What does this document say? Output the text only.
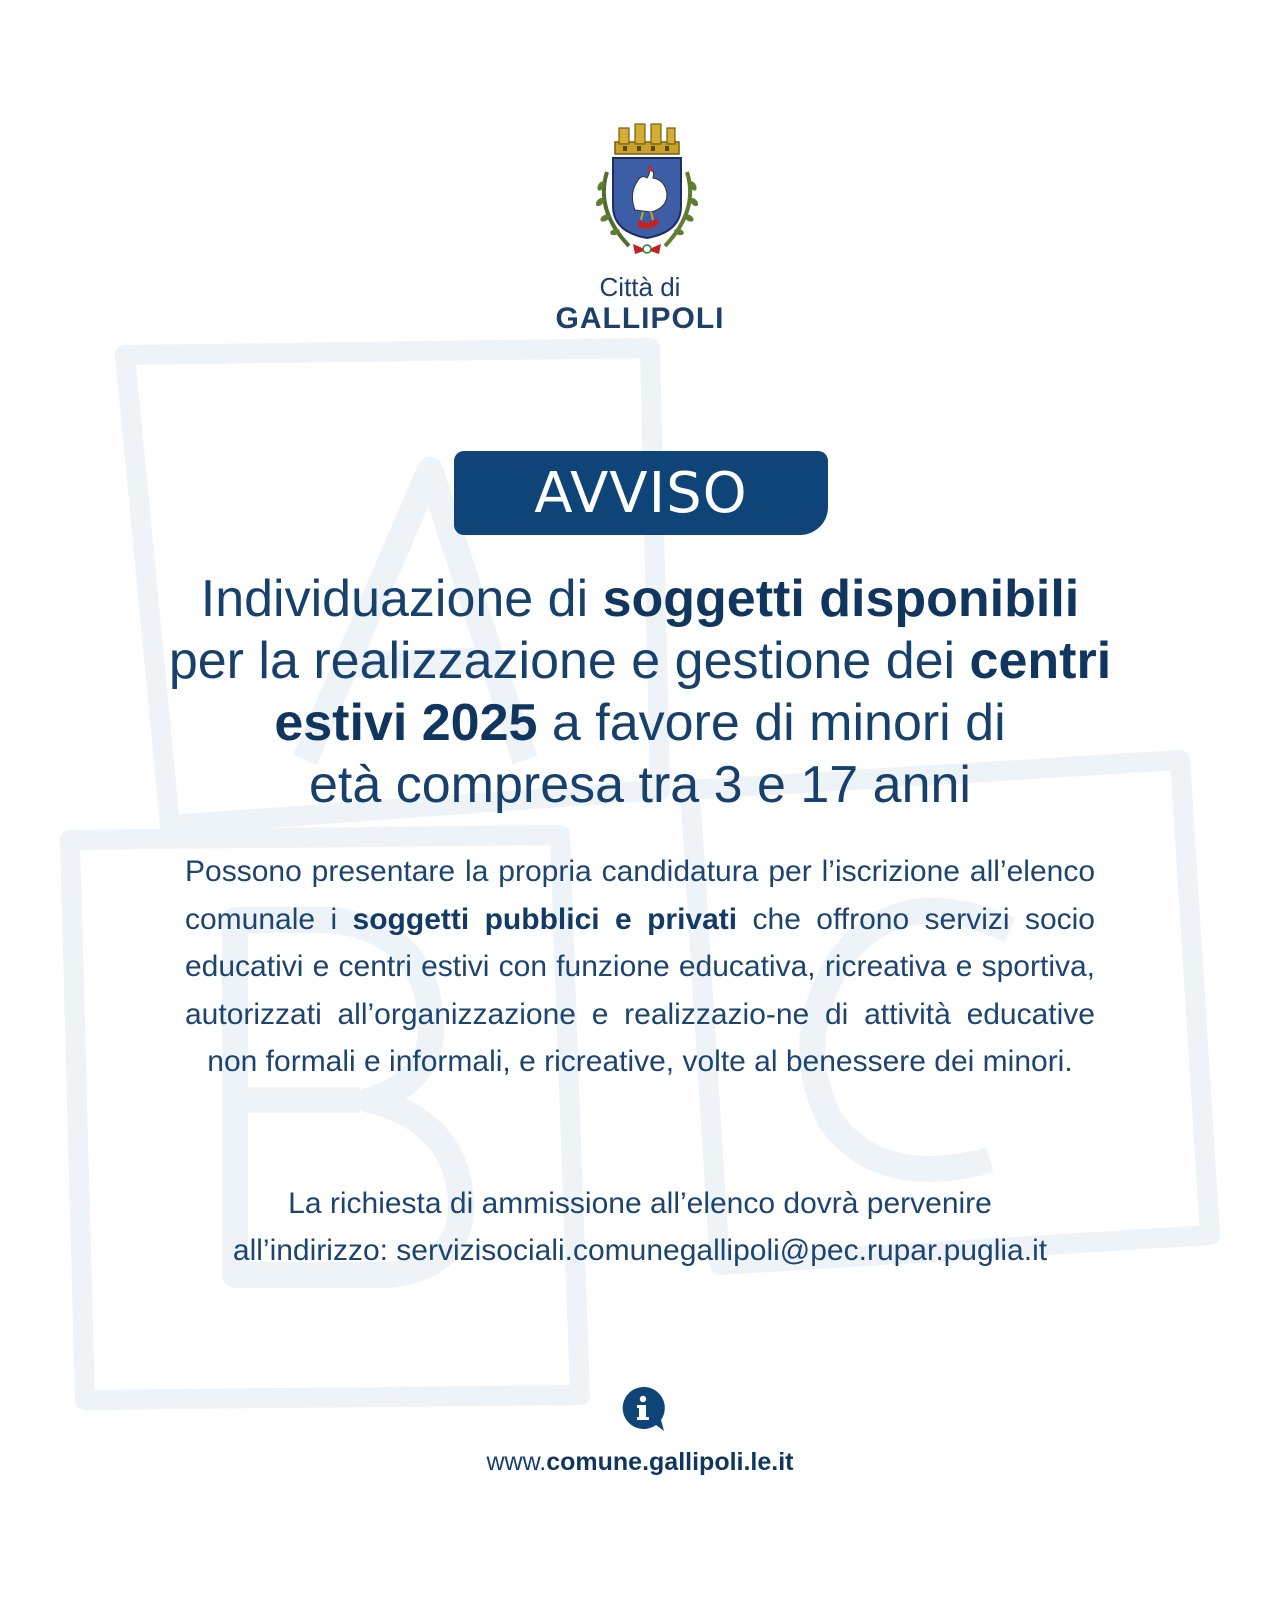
Città di
GALLIPOLI
AVVISO
Individuazione di soggetti disponibili
per la realizzazione e gestione dei centri
estivi 2025 a favore di minori di
età compresa tra 3 e 17 anni
Possono presentare la propria candidatura per l’iscrizione all’elenco comunale i soggetti pubblici e privati che offrono servizi socio educativi e centri estivi con funzione educativa, ricreativa e sportiva, autorizzati all’organizzazione e realizzazio-ne di attività educative non formali e informali, e ricreative, volte al benessere dei minori.
La richiesta di ammissione all’elenco dovrà pervenire
all’indirizzo: servizisociali.comunegallipoli@pec.rupar.puglia.it
www.comune.gallipoli.le.it
